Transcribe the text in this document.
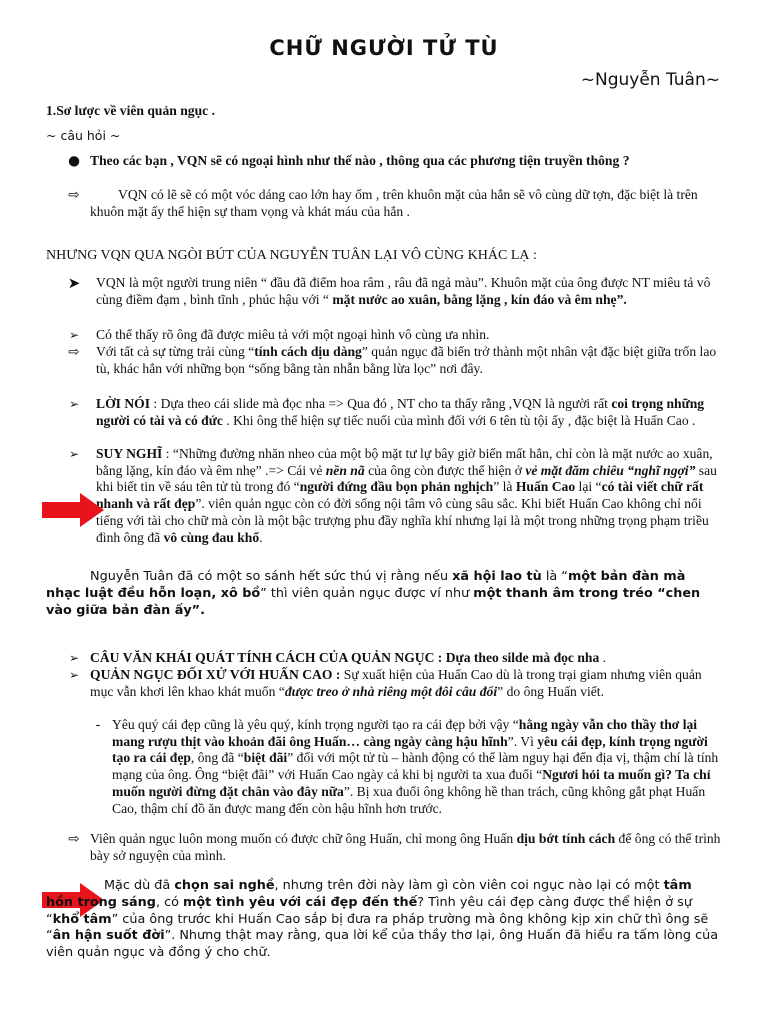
CHỮ NGƯỜI TỬ TÙ
~Nguyễn Tuân~
1.Sơ lược về viên quản ngục .
~ câu hỏi ~
● Theo các bạn , VQN sẽ có ngoại hình như thế nào , thông qua các phương tiện truyền thông ?
⇨	VQN có lẽ sẽ có một vóc dáng cao lớn hay ốm , trên khuôn mặt của hắn sẽ vô cùng dữ tợn, đặc biệt là trên khuôn mặt ấy thể hiện sự tham vọng và khát máu của hắn .
NHƯNG VQN QUA NGÒI BÚT CỦA NGUYỄN TUÂN LẠI VÔ CÙNG KHÁC LẠ :
➤	VQN là một người trung niên “ đầu đã điểm hoa râm , râu đã ngả màu”. Khuôn mặt của ông được NT miêu tả vô cùng điềm đạm , bình tĩnh , phúc hậu với “ mặt nước ao xuân, bằng lặng , kín đáo và êm nhẹ”.
➢	Có thể thấy rõ ông đã được miêu tả với một ngoại hình vô cùng ưa nhìn.
⇨	Với tất cả sự từng trải cùng “tính cách dịu dàng” quản ngục đã biến trở thành một nhân vật đặc biệt giữa trốn lao tù, khác hẳn với những bọn “sống bằng tàn nhẫn bằng lừa lọc” nơi đây.
➢	LỜI NÓI : Dựa theo cái slide mà đọc nha => Qua đó , NT cho ta thấy rằng ,VQN là người rất coi trọng những người có tài và có đức . Khi ông thể hiện sự tiếc nuối của mình đối với 6 tên tù tội ấy , đặc biệt là Huấn Cao .
➢	SUY NGHĨ : “Những đường nhăn nheo của một bộ mặt tư lự bây giờ biến mất hẳn, chỉ còn là mặt nước ao xuân, bằng lặng, kín đáo và êm nhẹ” .=> Cái vẻ nền nã của ông còn được thể hiện ở vẻ mặt đăm chiêu “nghĩ ngợi” sau khi biết tin về sáu tên tử tù trong đó “người đứng đầu bọn phản nghịch” là Huấn Cao lại “có tài viết chữ rất nhanh và rất đẹp”. viên quản ngục còn có đời sống nội tâm vô cùng sâu sắc. Khi biết Huấn Cao không chỉ nổi tiếng với tài cho chữ mà còn là một bậc trượng phu đầy nghĩa khí nhưng lại là một trong những trọng phạm triều đình ông đã vô cùng đau khổ.
Nguyễn Tuân đã có một so sánh hết sức thú vị rằng nếu xã hội lao tù là “một bản đàn mà nhạc luật đều hỗn loạn, xô bồ” thì viên quản ngục được ví như một thanh âm trong tréo “chen vào giữa bản đàn ấy”.
➢ CÂU VĂN KHÁI QUÁT TÍNH CÁCH CỦA QUẢN NGỤC : Dựa theo silde mà đọc nha .
➢ QUẢN NGỤC ĐỐI XỬ VỚI HUẤN CAO : Sự xuất hiện của Huấn Cao dù là trong trại giam nhưng viên quản mục vẫn khơi lên khao khát muốn “được treo ở nhà riêng một đôi câu đối” do ông Huấn viết.
- Yêu quý cái đẹp cũng là yêu quý, kính trọng người tạo ra cái đẹp bởi vậy “hằng ngày vẫn cho thầy thơ lại mang rượu thịt vào khoản đãi ông Huấn… càng ngày càng hậu hĩnh”. Vì yêu cái đẹp, kính trọng người tạo ra cái đẹp, ông đã “biệt đãi” đối với một tử tù – hành động có thể làm nguy hại đến địa vị, thậm chí là tính mạng của ông. Ông “biệt đãi” với Huấn Cao ngày cả khi bị người ta xua đuổi “Ngươi hỏi ta muốn gì? Ta chỉ muốn người đừng đặt chân vào đây nữa”. Bị xua đuổi ông không hề than trách, cũng không gắt phạt Huấn Cao, thậm chí đồ ăn được mang đến còn hậu hĩnh hơn trước.
⇨ Viên quản ngục luôn mong muốn có được chữ ông Huấn, chỉ mong ông Huấn dịu bớt tính cách để ông có thể trình bày sở nguyện của mình.
Mặc dù đã chọn sai nghề, nhưng trên đời này làm gì còn viên coi ngục nào lại có một tâm hồn trong sáng, có một tình yêu với cái đẹp đến thế? Tình yêu cái đẹp càng được thể hiện ở sự “khổ tâm” của ông trước khi Huấn Cao sắp bị đưa ra pháp trường mà ông không kịp xin chữ thì ông sẽ “ân hận suốt đời”. Nhưng thật may rằng, qua lời kể của thầy thơ lại, ông Huấn đã hiểu ra tấm lòng của viên quản ngục và đồng ý cho chữ.
